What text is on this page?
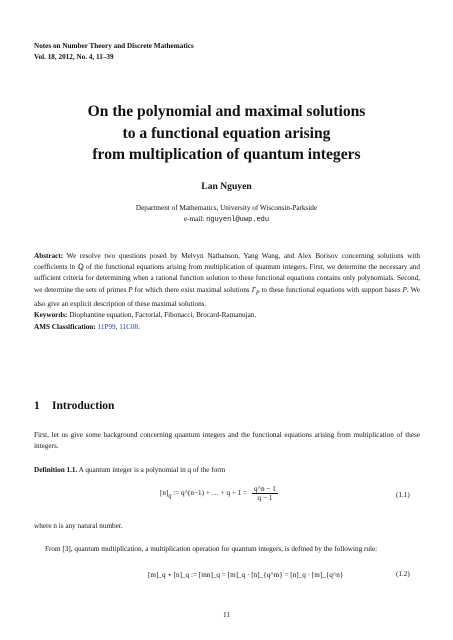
Notes on Number Theory and Discrete Mathematics
Vol. 18, 2012, No. 4, 11–39
On the polynomial and maximal solutions
to a functional equation arising
from multiplication of quantum integers
Lan Nguyen
Department of Mathematics, University of Wisconsin-Parkside
e-mail: nguyenl@uwp.edu
Abstract: We resolve two questions posed by Melvyn Nathanson, Yang Wang, and Alex Borisov concerning solutions with coefficients in ℚ of the functional equations arising from multiplication of quantum integers. First, we determine the necessary and sufficient criteria for determining when a rational function solution to these functional equations contains only polynomials. Second, we determine the sets of primes P for which there exist maximal solutions $\Gamma_P$ to these functional equations with support bases P. We also give an explicit description of these maximal solutions.
Keywords: Diophantine equation, Factorial, Fibonacci, Brocard-Ramanujan.
AMS Classification: 11P99, 11C08.
1 Introduction
First, let us give some background concerning quantum integers and the functional equations arising from multiplication of these integers.
Definition 1.1. A quantum integer is a polynomial in q of the form
$[n]_q$ := q^(n−1) + … + $q + 1 = \frac{q\^{}n - 1}{q - 1}$	(1.1)
where n is any natural number.
From [3], quantum multiplication, a multiplication operation for quantum integers, is defined by the following rule:
[m]_q ⋆ [n]_q := [mn]_q = [m]_q · [n]_{q^m} = [n]_q · [m]_{q^n}	(1.2)
11
